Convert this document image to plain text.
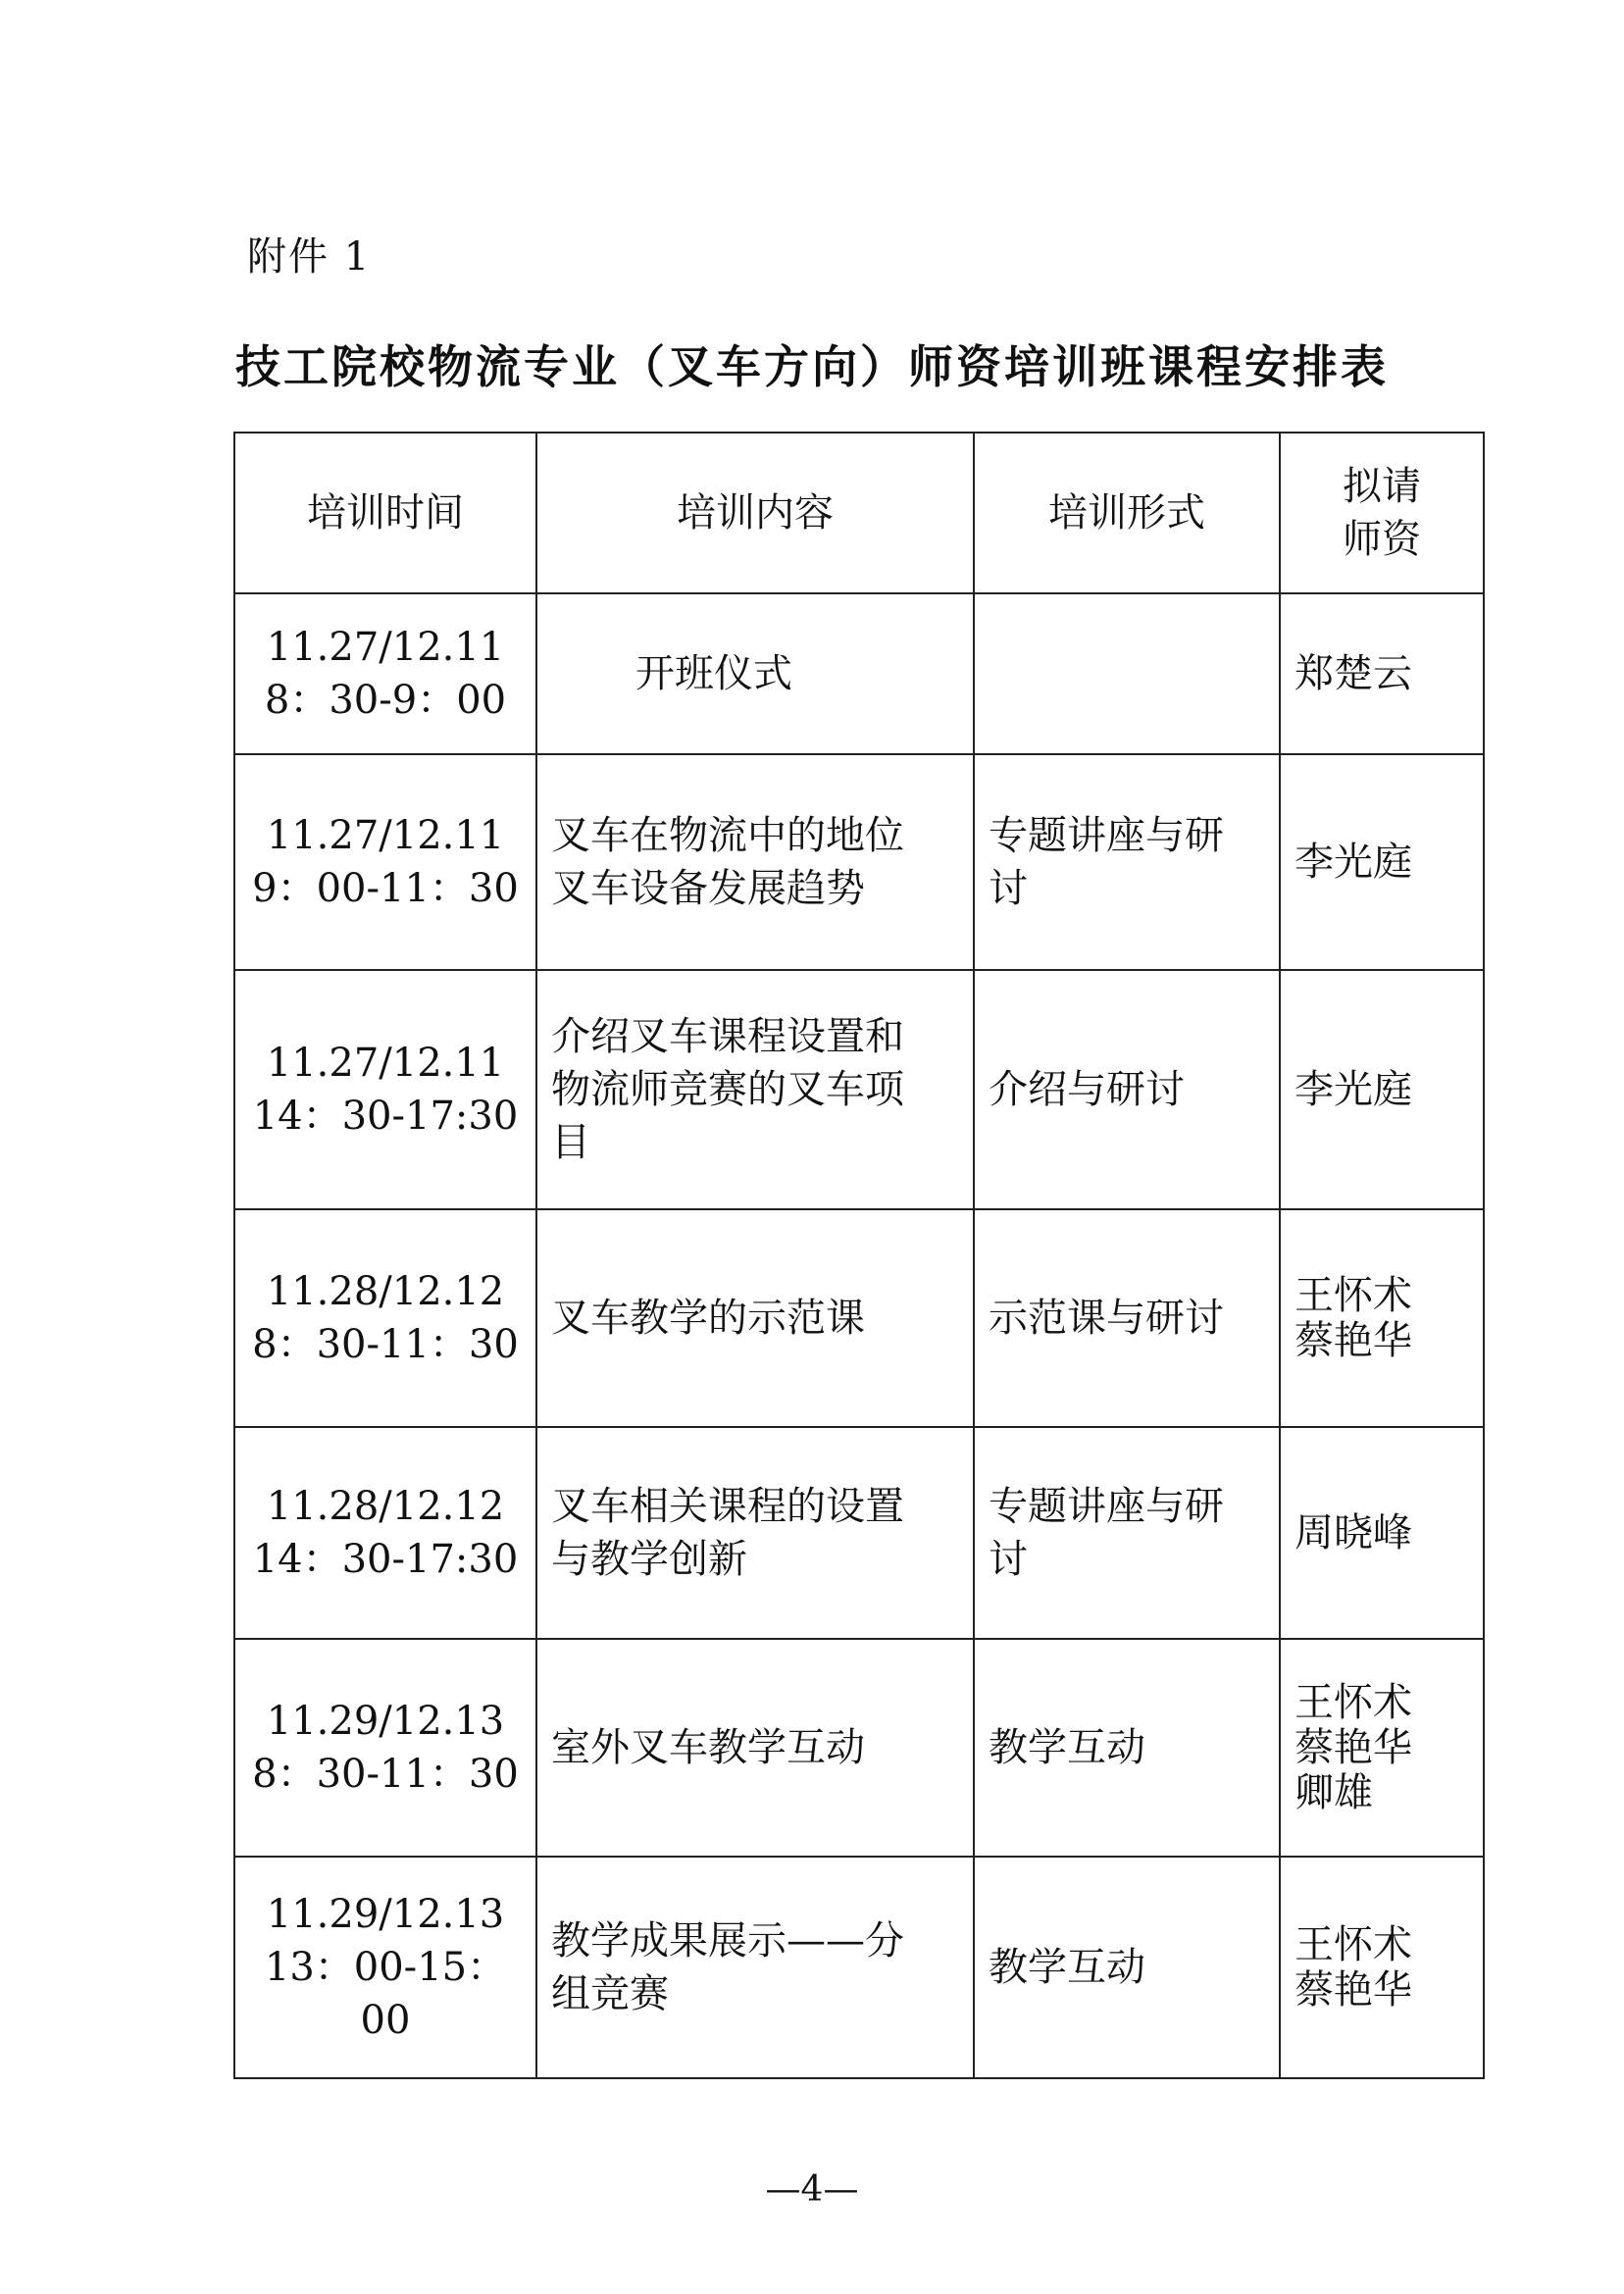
附件 1
技工院校物流专业（叉车方向）师资培训班课程安排表
培训时间	培训内容	培训形式	拟请
师资

11.27/12.11
8：30-9：00	开班仪式		郑楚云

11.27/12.11
9：00-11：30	叉车在物流中的地位
叉车设备发展趋势	专题讲座与研
讨	李光庭

11.27/12.11
14：30-17:30	介绍叉车课程设置和
物流师竞赛的叉车项
目	介绍与研讨	李光庭

11.28/12.12
8：30-11：30	叉车教学的示范课	示范课与研讨	王怀术
蔡艳华

11.28/12.12
14：30-17:30	叉车相关课程的设置
与教学创新	专题讲座与研
讨	周晓峰

11.29/12.13
8：30-11：30	室外叉车教学互动	教学互动	王怀术
蔡艳华
卿雄

11.29/12.13
13：00-15：00	教学成果展示——分
组竞赛	教学互动	王怀术
蔡艳华
—4—
